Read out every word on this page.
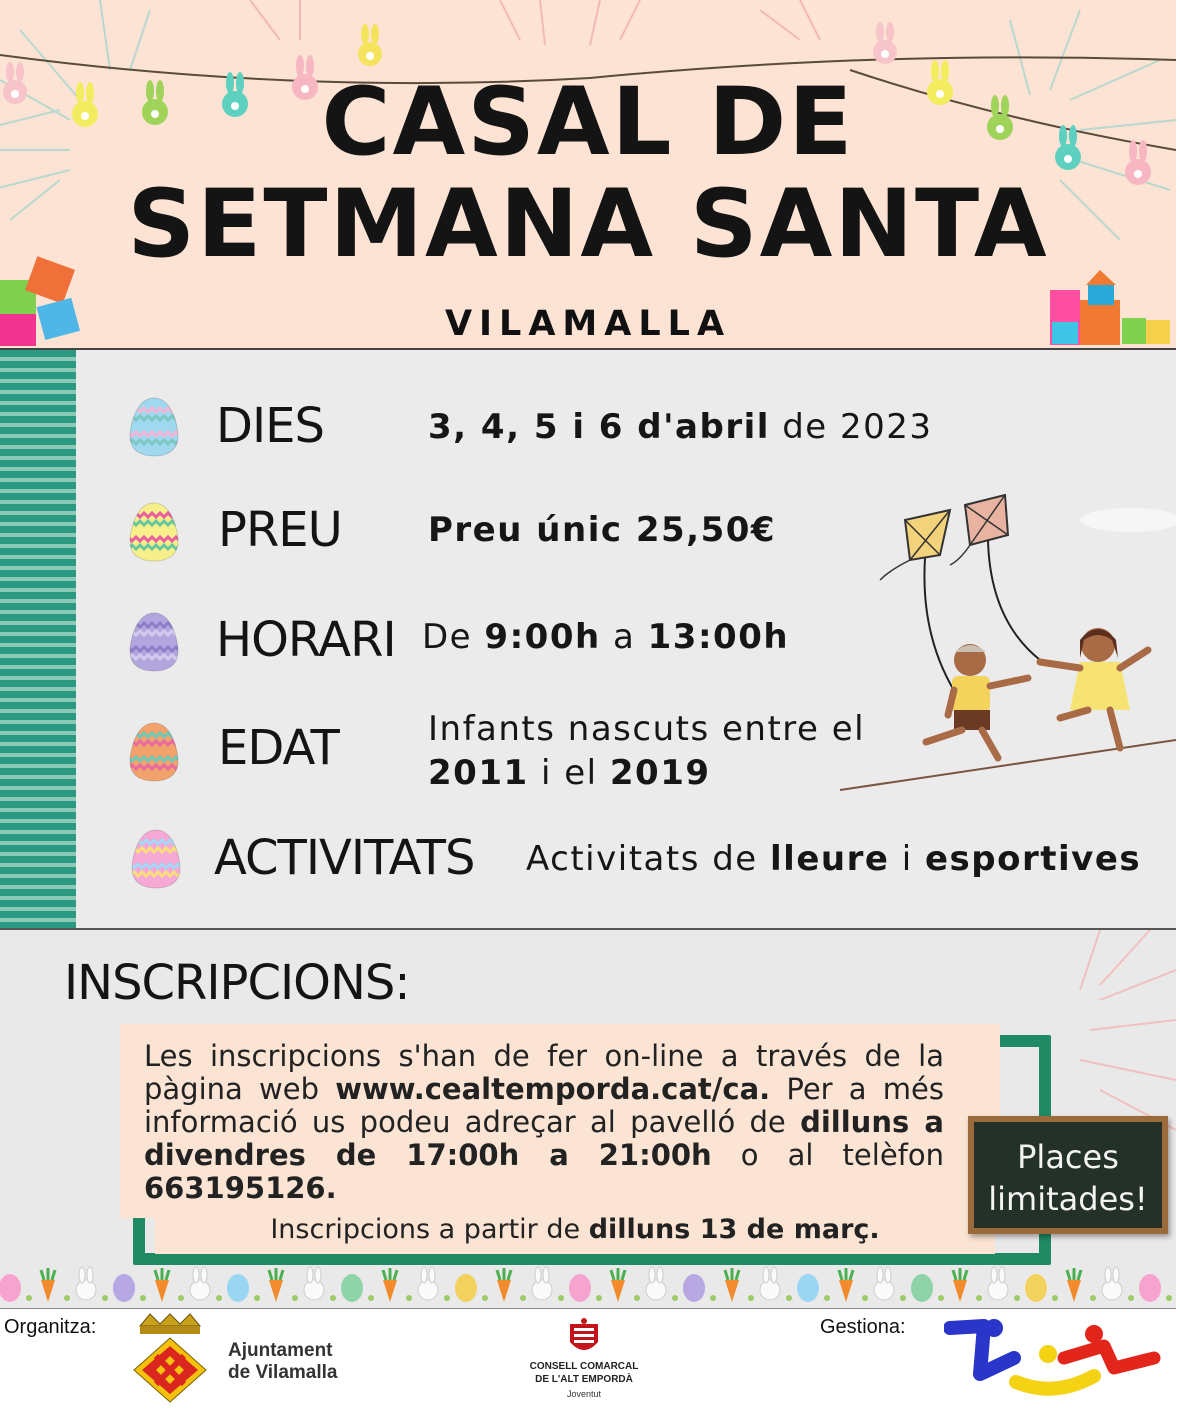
CASAL DE
SETMANA SANTA
VILAMALLA
DIES	3, 4, 5 i 6 d'abril de 2023
PREU	Preu únic 25,50€
HORARI De 9:00h a 13:00h
EDAT	Infants nascuts entre el
2011 i el 2019
ACTIVITATS Activitats de lleure i esportives
INSCRIPCIONS:
Les inscripcions s'han de fer on-line a través de la pàgina web www.cealtemporda.cat/ca. Per a més informació us podeu adreçar al pavelló de dilluns a divendres de 17:00h a 21:00h o al telèfon 663195126.
Inscripcions a partir de dilluns 13 de març.
Places
limitades!
Organitza:
Ajuntament
de Vilamalla	CONSELL COMARCAL
DE L'ALT EMPORDÀ
Joventut
Gestiona:
